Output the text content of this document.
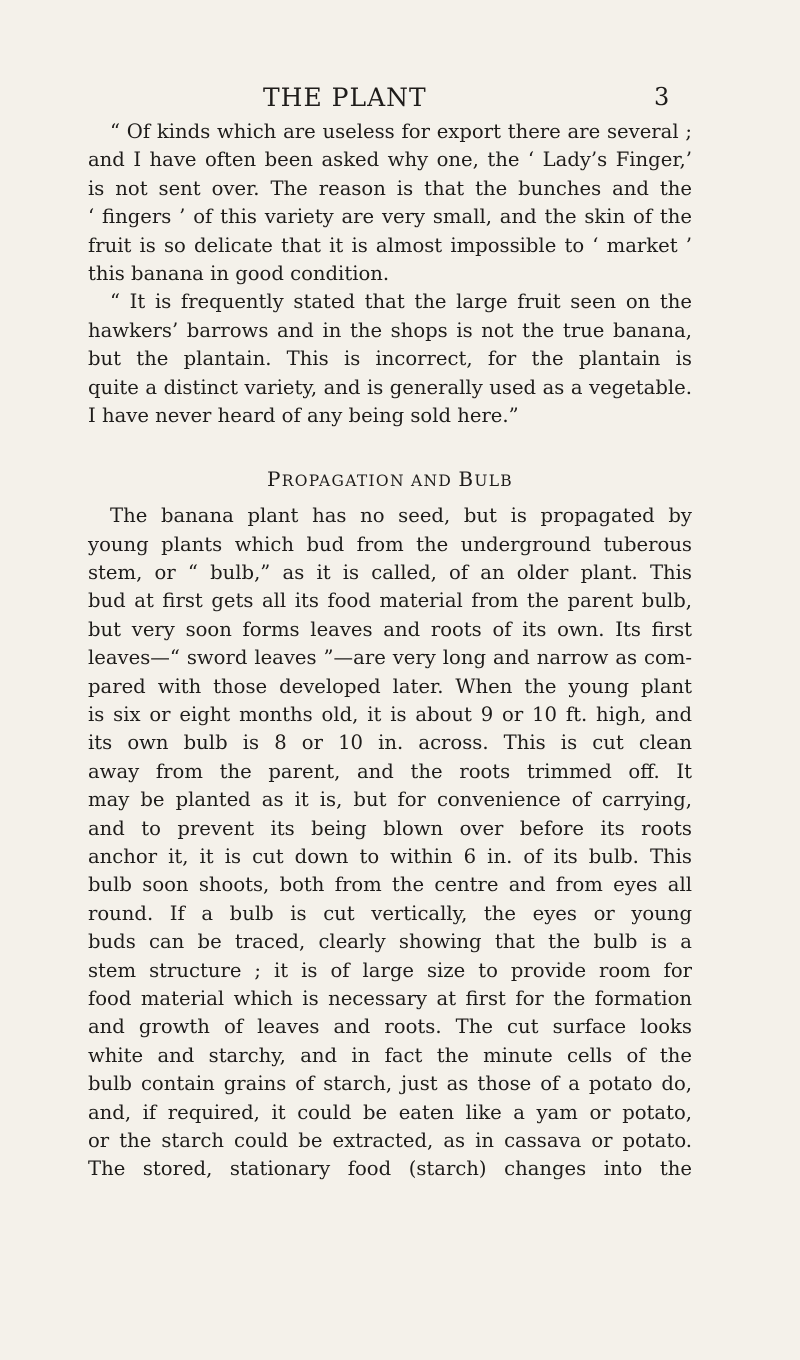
THE PLANT	3
“ Of kinds which are useless for export there are several ;
and I have often been asked why one, the ‘ Lady’s Finger,’
is not sent over. The reason is that the bunches and the
‘ fingers ’ of this variety are very small, and the skin of the
fruit is so delicate that it is almost impossible to ‘ market ’
this banana in good condition.
“ It is frequently stated that the large fruit seen on the
hawkers’ barrows and in the shops is not the true banana,
but the plantain. This is incorrect, for the plantain is
quite a distinct variety, and is generally used as a vegetable.
I have never heard of any being sold here.”
PROPAGATION AND BULB
The banana plant has no seed, but is propagated by
young plants which bud from the underground tuberous
stem, or “ bulb,” as it is called, of an older plant. This
bud at first gets all its food material from the parent bulb,
but very soon forms leaves and roots of its own. Its first
leaves—“ sword leaves ”—are very long and narrow as com-
pared with those developed later. When the young plant
is six or eight months old, it is about 9 or 10 ft. high, and
its own bulb is 8 or 10 in. across. This is cut clean
away from the parent, and the roots trimmed off. It
may be planted as it is, but for convenience of carrying,
and to prevent its being blown over before its roots
anchor it, it is cut down to within 6 in. of its bulb. This
bulb soon shoots, both from the centre and from eyes all
round. If a bulb is cut vertically, the eyes or young
buds can be traced, clearly showing that the bulb is a
stem structure ; it is of large size to provide room for
food material which is necessary at first for the formation
and growth of leaves and roots. The cut surface looks
white and starchy, and in fact the minute cells of the
bulb contain grains of starch, just as those of a potato do,
and, if required, it could be eaten like a yam or potato,
or the starch could be extracted, as in cassava or potato.
The stored, stationary food (starch) changes into the
